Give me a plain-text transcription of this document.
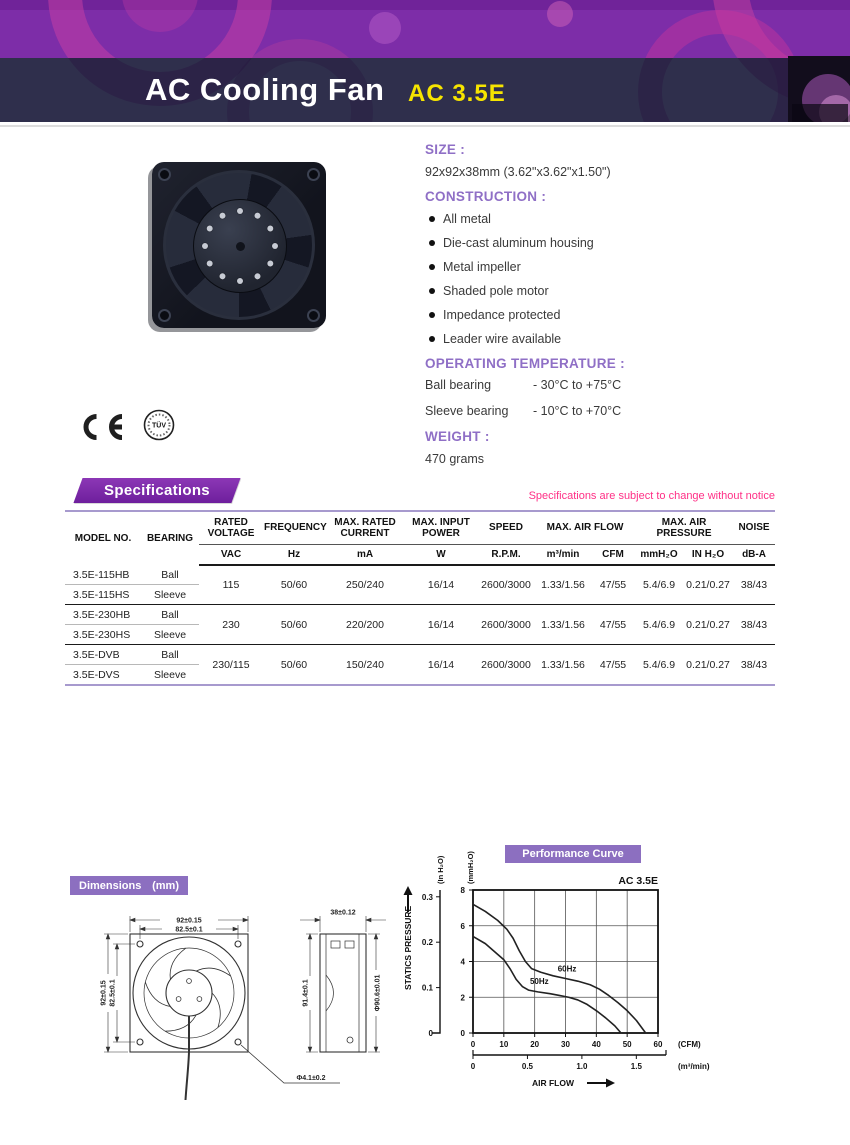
AC Cooling Fan AC 3.5E
SIZE :
92x92x38mm (3.62"x3.62"x1.50")
CONSTRUCTION :
All metal
Die-cast aluminum housing
Metal impeller
Shaded pole motor
Impedance protected
Leader wire available
OPERATING TEMPERATURE :
Ball bearing	- 30°C to +75°C
Sleeve bearing	- 10°C to +70°C
WEIGHT :
470 grams

TÜV
Specifications	Specifications are subject to change without notice
MODEL NO.	BEARING	RATED VOLTAGE	FREQUENCY	MAX. RATED CURRENT	MAX. INPUT POWER	SPEED	MAX. AIR FLOW		MAX. AIR PRESSURE		NOISE
		VAC	Hz	mA	W	R.P.M.	m³/min	CFM	mmH₂O	IN H₂O	dB-A
3.5E-115HB	Ball	115	50/60	250/240	16/14	2600/3000	1.33/1.56	47/55	5.4/6.9	0.21/0.27	38/43
3.5E-115HS	Sleeve										
3.5E-230HB	Ball	230	50/60	220/200	16/14	2600/3000	1.33/1.56	47/55	5.4/6.9	0.21/0.27	38/43
3.5E-230HS	Sleeve										
3.5E-DVB	Ball	230/115	50/60	150/240	16/14	2600/3000	1.33/1.56	47/55	5.4/6.9	0.21/0.27	38/43
3.5E-DVS	Sleeve										
Dimensions (mm)
92±0.15
82.5±0.1
92±0.15 82.5±0.1
Φ4.1±0.2
38±0.12
91.4±0.1	Φ90.6±0.01
Performance Curve
0
2
4
6
8
0
0.1
0.2
0.3
(In H₂O)	(mmH₂O)
STATICS PRESSURE
AC 3.5E
0	10	20	30	40	50	60 (CFM)
0	0.5	1.0	1.5	(m³/min)
AIR FLOW
60Hz
50Hz
